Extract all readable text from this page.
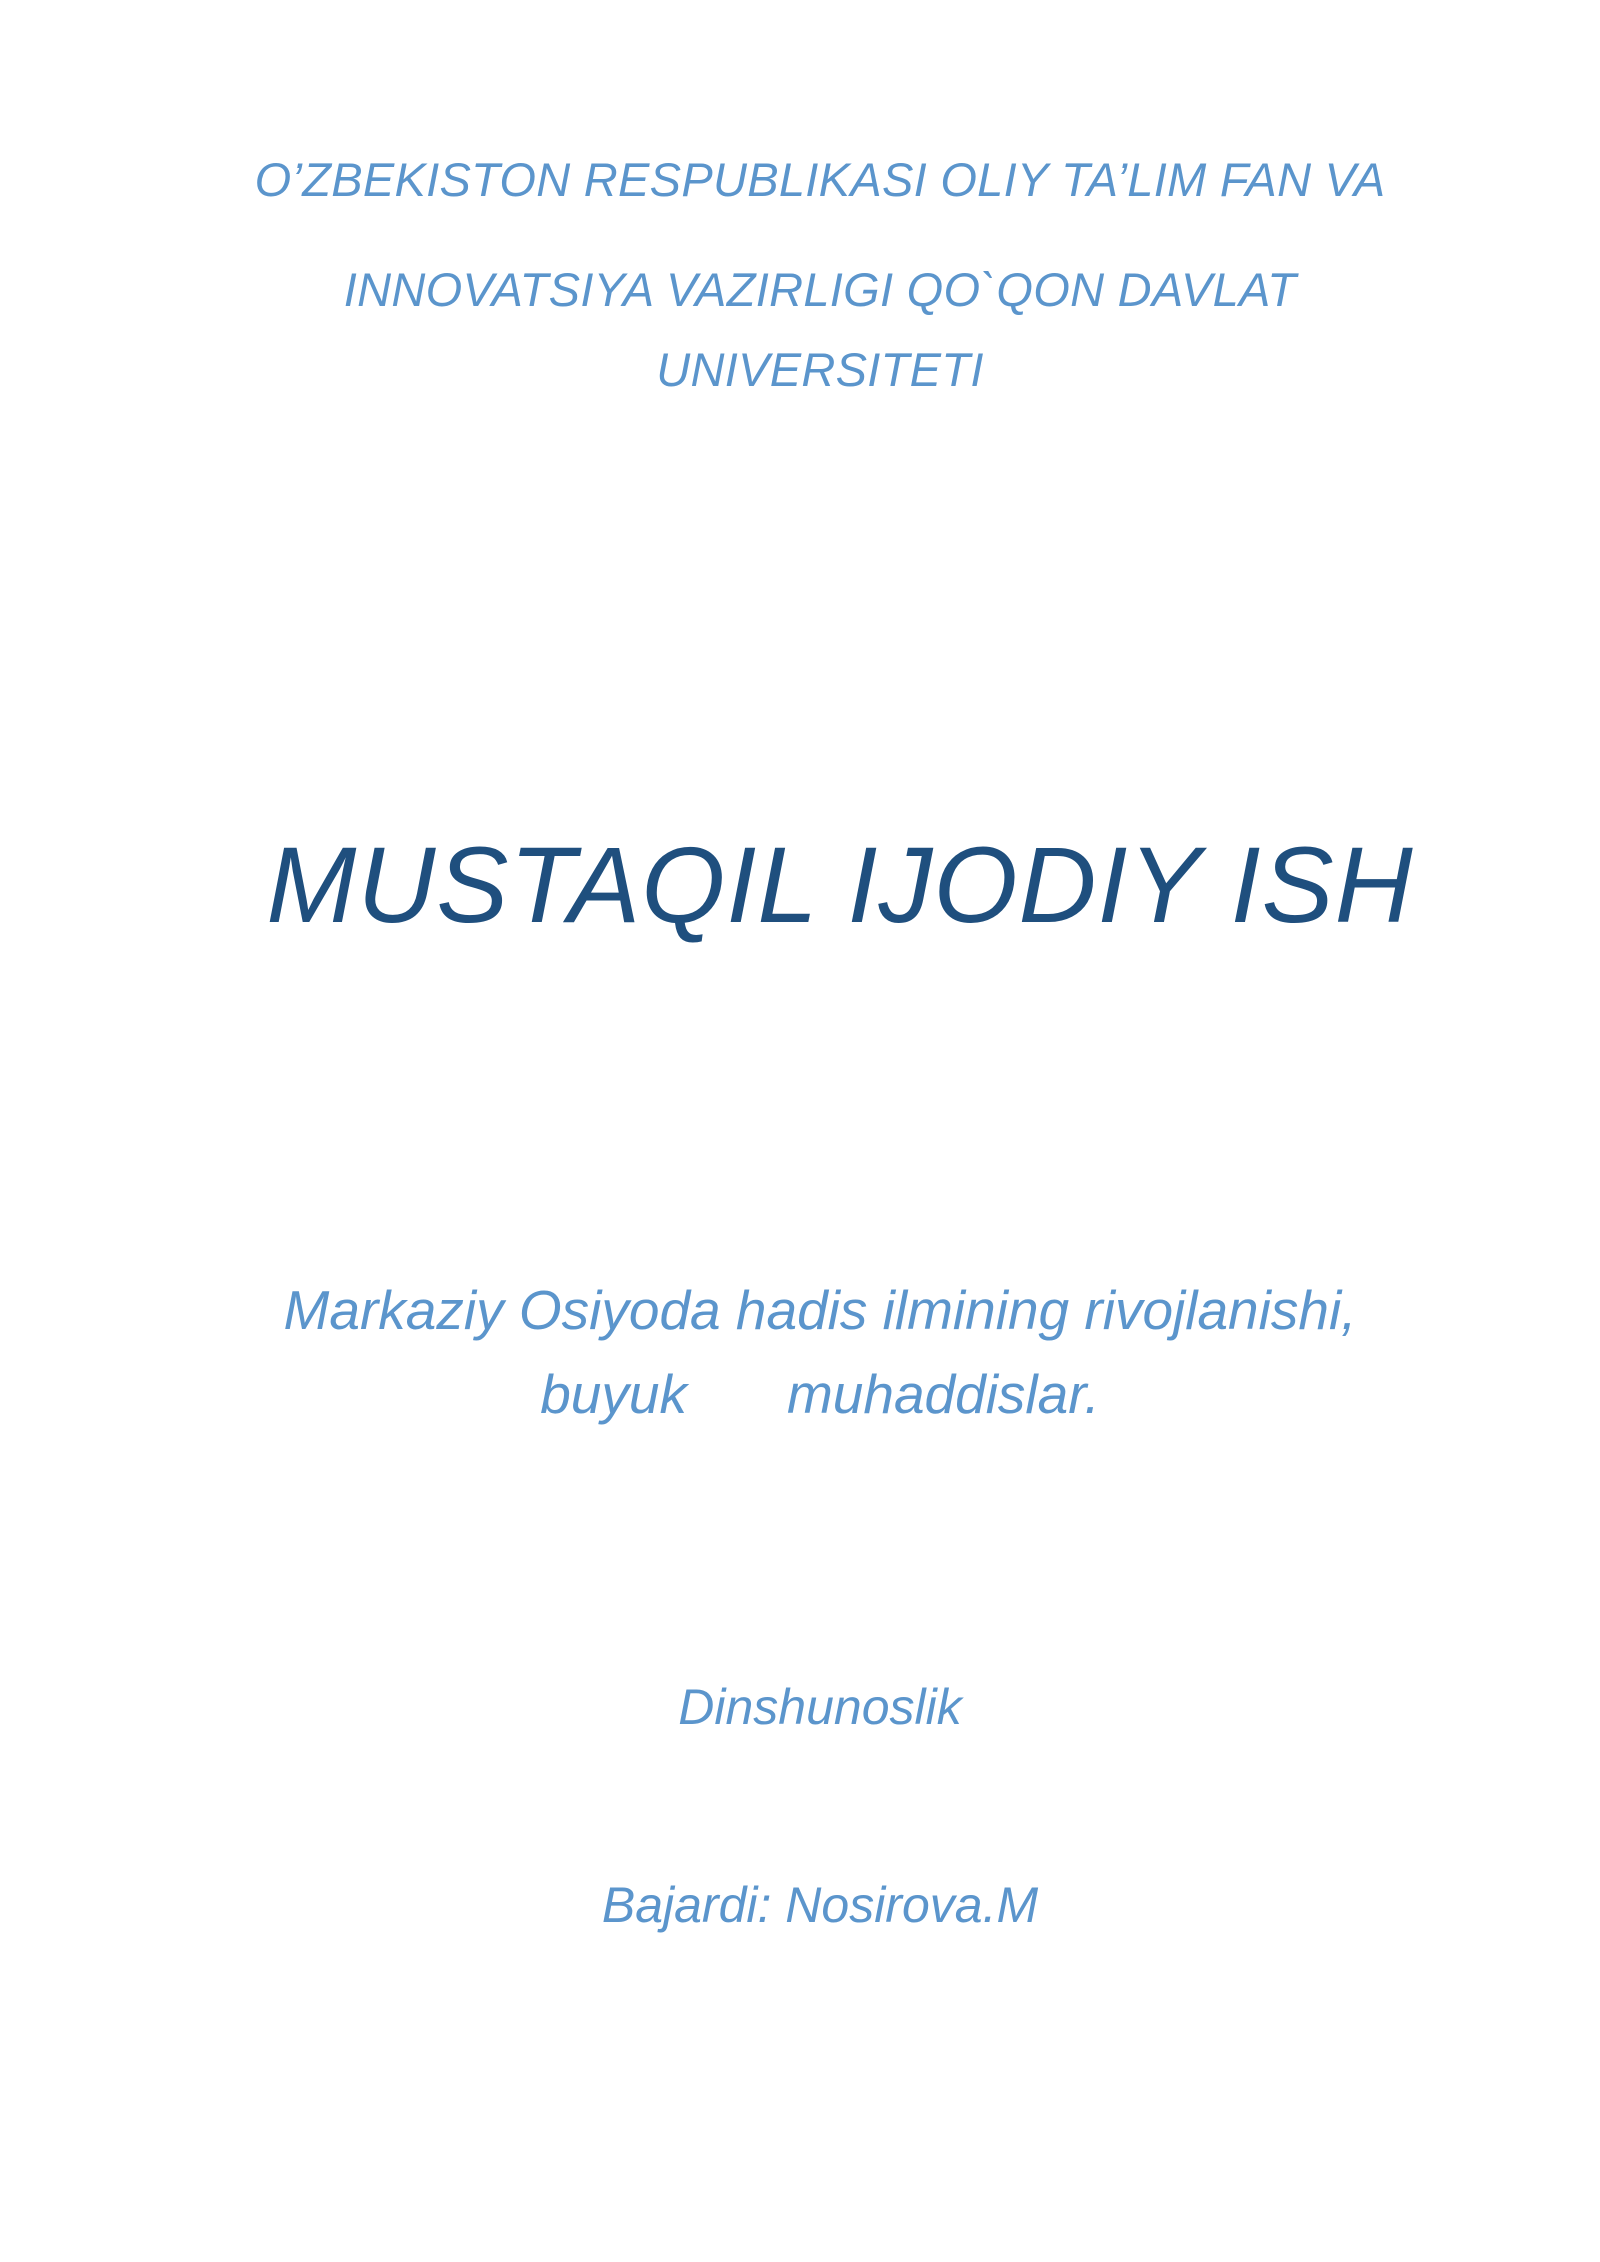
O’ZBEKISTON RESPUBLIKASI OLIY TA’LIM FAN VA
INNOVATSIYA VAZIRLIGI QO`QON DAVLAT UNIVERSITETI
MUSTAQIL IJODIY ISH
Markaziy Osiyoda hadis ilmining rivojlanishi,
buyuk muhaddislar.
Dinshunoslik
Bajardi: Nosirova.M
